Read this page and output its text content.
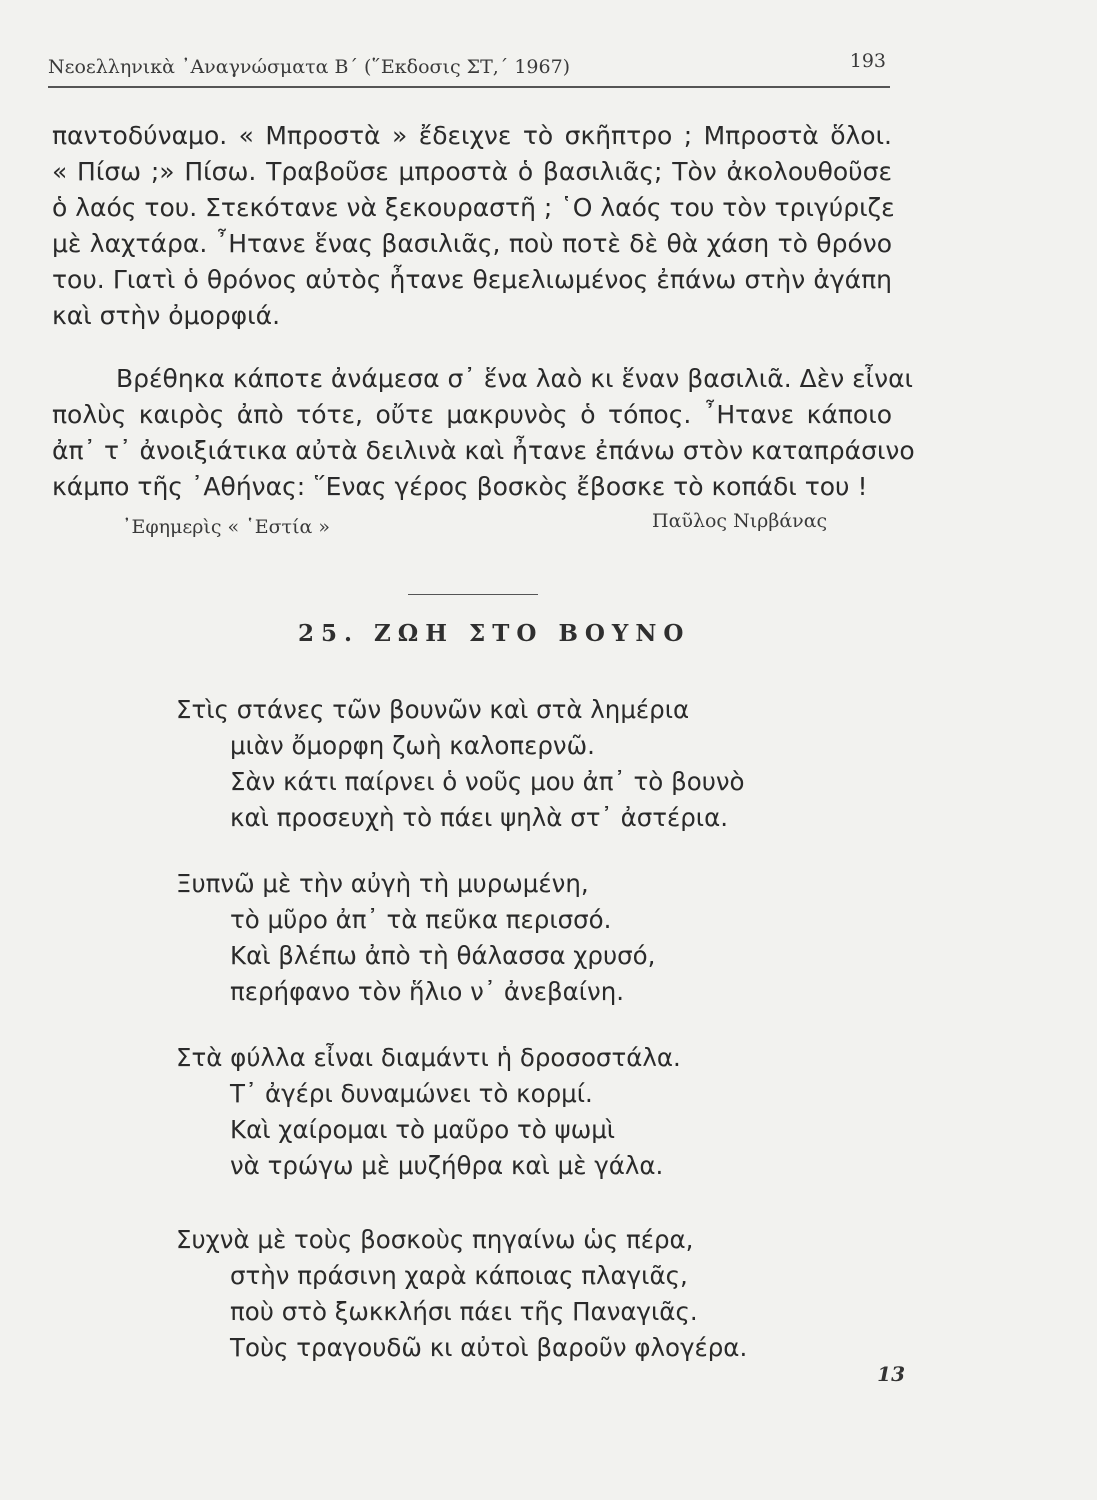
Νεοελληνικὰ ᾿Αναγνώσματα Β΄ (῞Εκδοσις ΣΤ,΄ 1967)	193
παντοδύναμο. « Μπροστὰ » ἔδειχνε τὸ σκῆπτρο ; Μπροστὰ ὅλοι.
« Πίσω ;» Πίσω. Τραβοῦσε μπροστὰ ὁ βασιλιᾶς; Τὸν ἀκολουθοῦσε
ὁ λαός του. Στεκότανε νὰ ξεκουραστῆ ; ῾Ο λαός του τὸν τριγύριζε
μὲ λαχτάρα. ῏Ητανε ἕνας βασιλιᾶς, ποὺ ποτὲ δὲ θὰ χάση τὸ θρόνο
του. Γιατὶ ὁ θρόνος αὐτὸς ἦτανε θεμελιωμένος ἐπάνω στὴν ἀγάπη
καὶ στὴν ὀμορφιά.
Βρέθηκα κάποτε ἀνάμεσα σ᾿ ἕνα λαὸ κι ἕναν βασιλιᾶ. Δὲν εἶναι
πολὺς καιρὸς ἀπὸ τότε, οὔτε μακρυνὸς ὁ τόπος. ῏Ητανε κάποιο
ἀπ᾿ τ᾿ ἀνοιξιάτικα αὐτὰ δειλινὰ καὶ ἦτανε ἐπάνω στὸν καταπράσινο
κάμπο τῆς ᾿Αθήνας: ῞Ενας γέρος βοσκὸς ἔβοσκε τὸ κοπάδι του !
᾿Εφημερὶς « ῾Εστία »	Παῦλος Νιρβάνας
25. ΖΩΗ ΣΤΟ ΒΟΥΝΟ
Στὶς στάνες τῶν βουνῶν καὶ στὰ λημέρια
μιὰν ὄμορφη ζωὴ καλοπερνῶ.
Σὰν κάτι παίρνει ὁ νοῦς μου ἀπ᾿ τὸ βουνὸ
καὶ προσευχὴ τὸ πάει ψηλὰ στ᾿ ἀστέρια.
Ξυπνῶ μὲ τὴν αὐγὴ τὴ μυρωμένη,
τὸ μῦρο ἀπ᾿ τὰ πεῦκα περισσό.
Καὶ βλέπω ἀπὸ τὴ θάλασσα χρυσό,
περήφανο τὸν ἥλιο ν᾿ ἀνεβαίνη.
Στὰ φύλλα εἶναι διαμάντι ἡ δροσοστάλα.
Τ᾿ ἀγέρι δυναμώνει τὸ κορμί.
Καὶ χαίρομαι τὸ μαῦρο τὸ ψωμὶ
νὰ τρώγω μὲ μυζήθρα καὶ μὲ γάλα.
Συχνὰ μὲ τοὺς βοσκοὺς πηγαίνω ὡς πέρα,
στὴν πράσινη χαρὰ κάποιας πλαγιᾶς,
ποὺ στὸ ξωκκλήσι πάει τῆς Παναγιᾶς.
Τοὺς τραγουδῶ κι αὐτοὶ βαροῦν φλογέρα.
13
